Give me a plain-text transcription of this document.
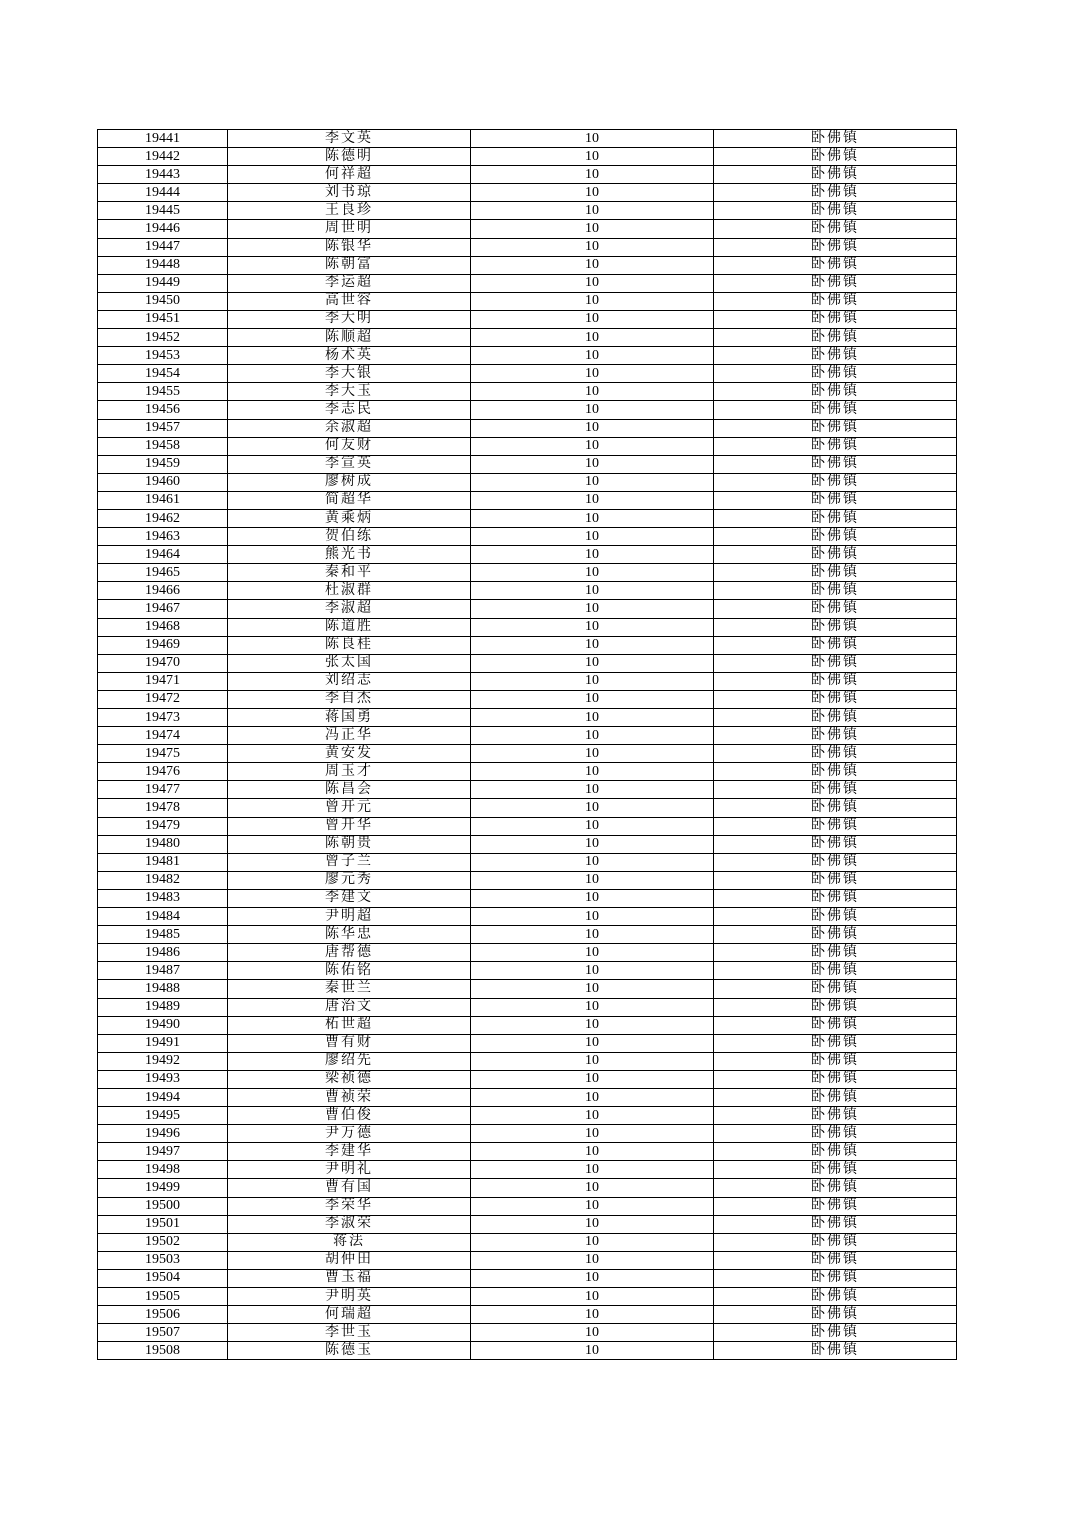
19441	李文英	10	卧佛镇
19442	陈德明	10	卧佛镇
19443	何祥超	10	卧佛镇
19444	刘书琼	10	卧佛镇
19445	王良珍	10	卧佛镇
19446	周世明	10	卧佛镇
19447	陈银华	10	卧佛镇
19448	陈朝富	10	卧佛镇
19449	李运超	10	卧佛镇
19450	高世容	10	卧佛镇
19451	李大明	10	卧佛镇
19452	陈顺超	10	卧佛镇
19453	杨术英	10	卧佛镇
19454	李大银	10	卧佛镇
19455	李大玉	10	卧佛镇
19456	李志民	10	卧佛镇
19457	余淑超	10	卧佛镇
19458	何友财	10	卧佛镇
19459	李宣英	10	卧佛镇
19460	廖树成	10	卧佛镇
19461	简超华	10	卧佛镇
19462	黄乘炳	10	卧佛镇
19463	贺伯练	10	卧佛镇
19464	熊光书	10	卧佛镇
19465	秦和平	10	卧佛镇
19466	杜淑群	10	卧佛镇
19467	李淑超	10	卧佛镇
19468	陈道胜	10	卧佛镇
19469	陈良桂	10	卧佛镇
19470	张太国	10	卧佛镇
19471	刘绍志	10	卧佛镇
19472	李自杰	10	卧佛镇
19473	蒋国勇	10	卧佛镇
19474	冯正华	10	卧佛镇
19475	黄安发	10	卧佛镇
19476	周玉才	10	卧佛镇
19477	陈昌会	10	卧佛镇
19478	曾开元	10	卧佛镇
19479	曾开华	10	卧佛镇
19480	陈朝贵	10	卧佛镇
19481	曾子兰	10	卧佛镇
19482	廖元秀	10	卧佛镇
19483	李建文	10	卧佛镇
19484	尹明超	10	卧佛镇
19485	陈华忠	10	卧佛镇
19486	唐帮德	10	卧佛镇
19487	陈佑铭	10	卧佛镇
19488	秦世兰	10	卧佛镇
19489	唐治文	10	卧佛镇
19490	柘世超	10	卧佛镇
19491	曹有财	10	卧佛镇
19492	廖绍先	10	卧佛镇
19493	梁祯德	10	卧佛镇
19494	曹祯荣	10	卧佛镇
19495	曹伯俊	10	卧佛镇
19496	尹万德	10	卧佛镇
19497	李建华	10	卧佛镇
19498	尹明礼	10	卧佛镇
19499	曹有国	10	卧佛镇
19500	李荣华	10	卧佛镇
19501	李淑荣	10	卧佛镇
19502	蒋法	10	卧佛镇
19503	胡仲田	10	卧佛镇
19504	曹玉福	10	卧佛镇
19505	尹明英	10	卧佛镇
19506	何瑞超	10	卧佛镇
19507	李世玉	10	卧佛镇
19508	陈德玉	10	卧佛镇
